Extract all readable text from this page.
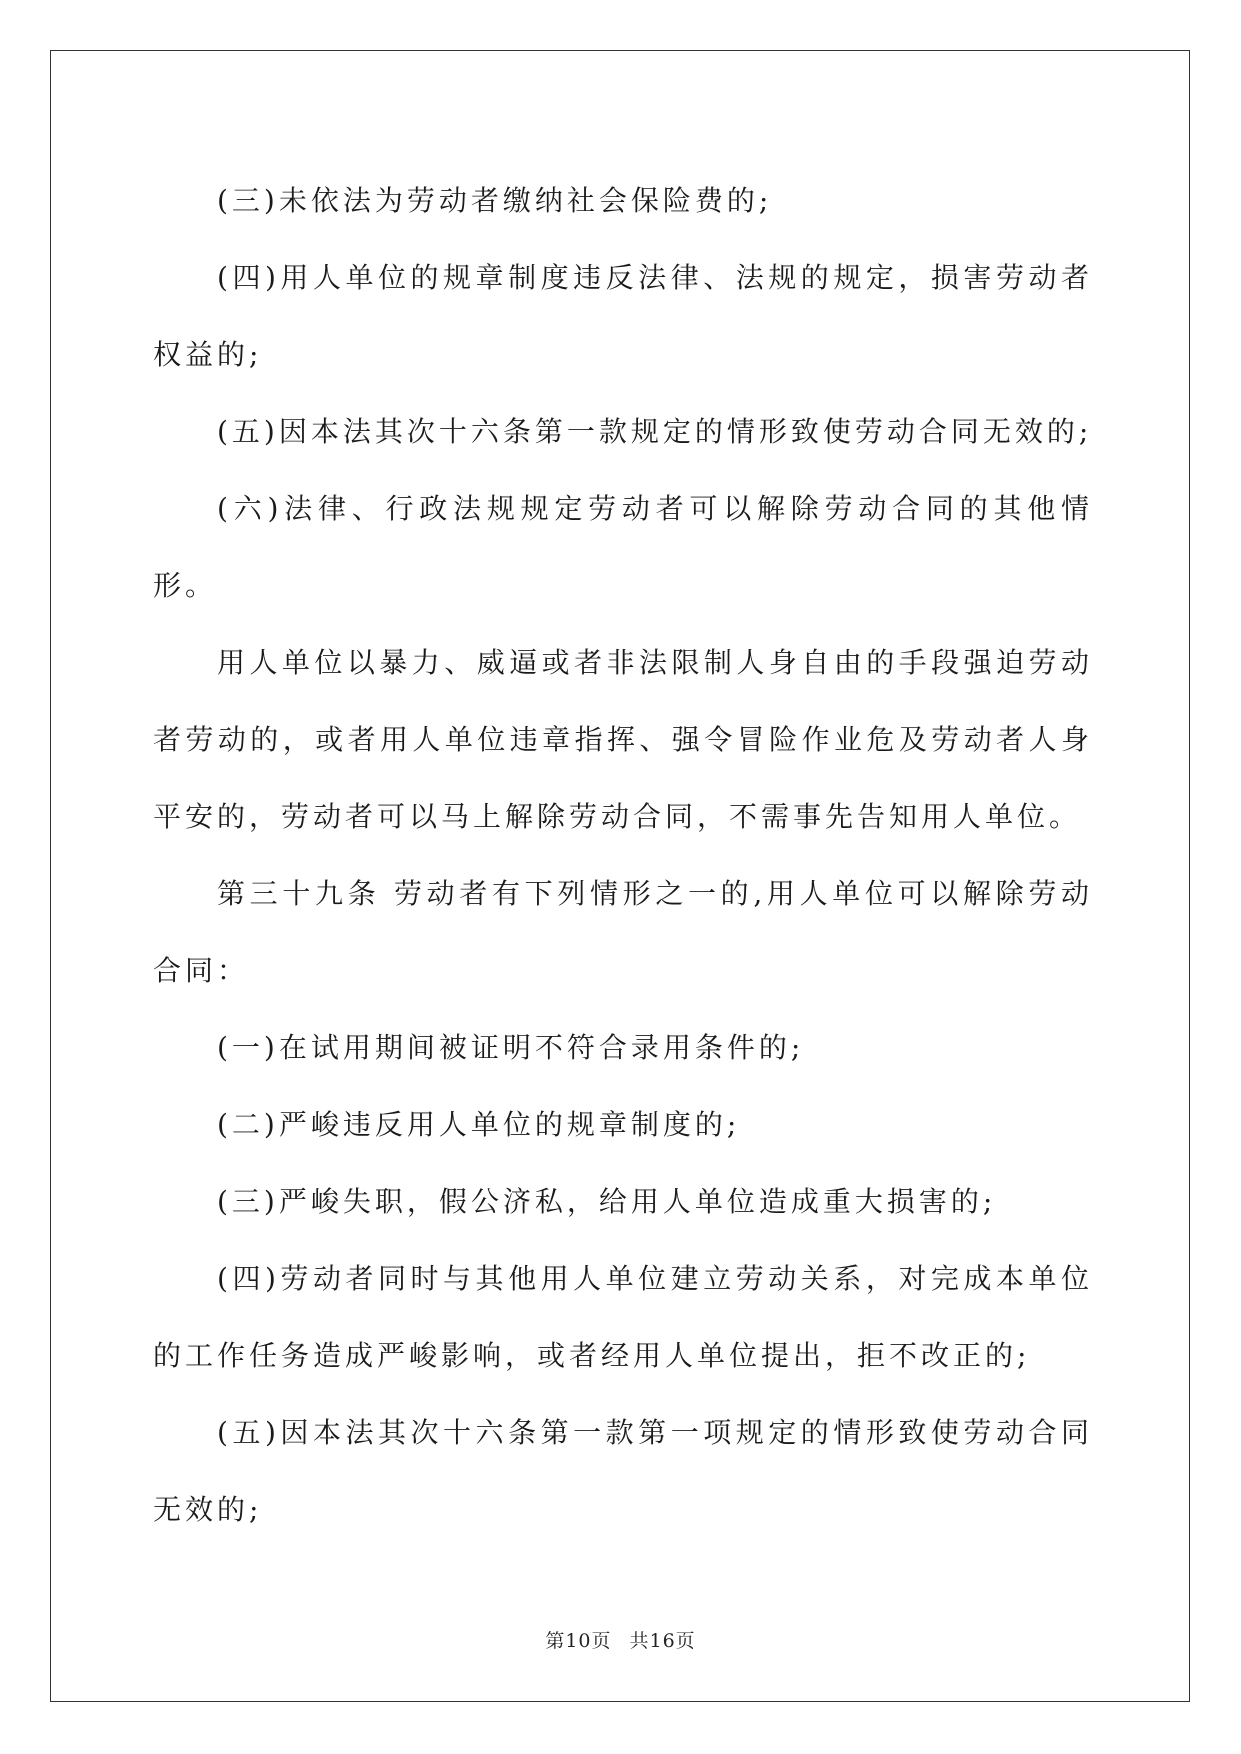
(三)未依法为劳动者缴纳社会保险费的;

(四)用人单位的规章制度违反法律、法规的规定，损害劳动者权益的;

(五)因本法其次十六条第一款规定的情形致使劳动合同无效的;

(六)法律、行政法规规定劳动者可以解除劳动合同的其他情形。

用人单位以暴力、威逼或者非法限制人身自由的手段强迫劳动者劳动的，或者用人单位违章指挥、强令冒险作业危及劳动者人身平安的，劳动者可以马上解除劳动合同，不需事先告知用人单位。

第三十九条 劳动者有下列情形之一的,用人单位可以解除劳动合同：

(一)在试用期间被证明不符合录用条件的;

(二)严峻违反用人单位的规章制度的;

(三)严峻失职，假公济私，给用人单位造成重大损害的;

(四)劳动者同时与其他用人单位建立劳动关系，对完成本单位的工作任务造成严峻影响，或者经用人单位提出，拒不改正的;

(五)因本法其次十六条第一款第一项规定的情形致使劳动合同无效的;

第10页 共16页
